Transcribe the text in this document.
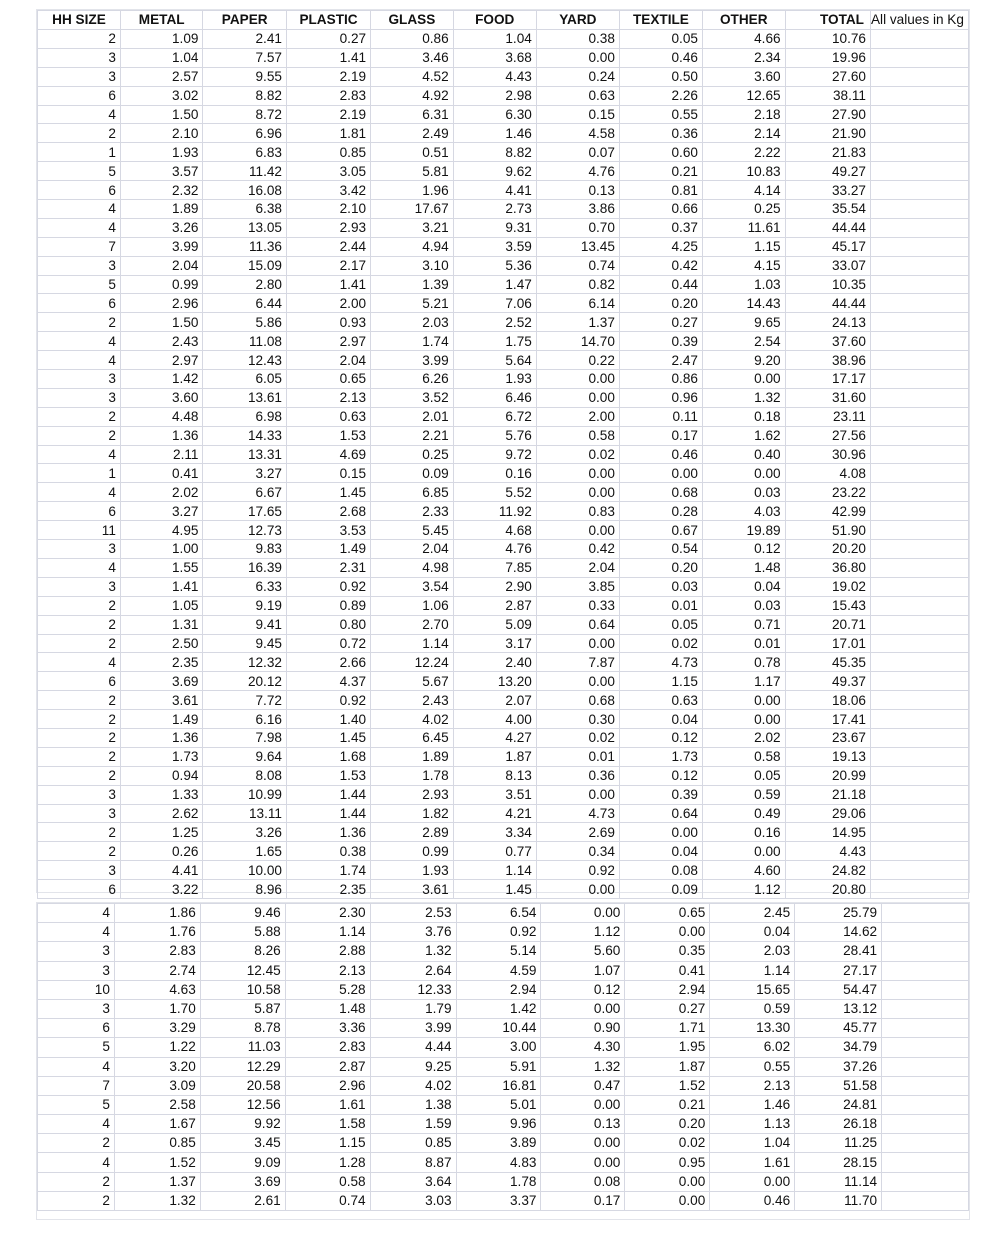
HH SIZE	METAL	PAPER	PLASTIC	GLASS	FOOD	YARD	TEXTILE	OTHER	TOTAL	All values in Kg
2	1.09	2.41	0.27	0.86	1.04	0.38	0.05	4.66	10.76	
3	1.04	7.57	1.41	3.46	3.68	0.00	0.46	2.34	19.96	
3	2.57	9.55	2.19	4.52	4.43	0.24	0.50	3.60	27.60	
6	3.02	8.82	2.83	4.92	2.98	0.63	2.26	12.65	38.11	
4	1.50	8.72	2.19	6.31	6.30	0.15	0.55	2.18	27.90	
2	2.10	6.96	1.81	2.49	1.46	4.58	0.36	2.14	21.90	
1	1.93	6.83	0.85	0.51	8.82	0.07	0.60	2.22	21.83	
5	3.57	11.42	3.05	5.81	9.62	4.76	0.21	10.83	49.27	
6	2.32	16.08	3.42	1.96	4.41	0.13	0.81	4.14	33.27	
4	1.89	6.38	2.10	17.67	2.73	3.86	0.66	0.25	35.54	
4	3.26	13.05	2.93	3.21	9.31	0.70	0.37	11.61	44.44	
7	3.99	11.36	2.44	4.94	3.59	13.45	4.25	1.15	45.17	
3	2.04	15.09	2.17	3.10	5.36	0.74	0.42	4.15	33.07	
5	0.99	2.80	1.41	1.39	1.47	0.82	0.44	1.03	10.35	
6	2.96	6.44	2.00	5.21	7.06	6.14	0.20	14.43	44.44	
2	1.50	5.86	0.93	2.03	2.52	1.37	0.27	9.65	24.13	
4	2.43	11.08	2.97	1.74	1.75	14.70	0.39	2.54	37.60	
4	2.97	12.43	2.04	3.99	5.64	0.22	2.47	9.20	38.96	
3	1.42	6.05	0.65	6.26	1.93	0.00	0.86	0.00	17.17	
3	3.60	13.61	2.13	3.52	6.46	0.00	0.96	1.32	31.60	
2	4.48	6.98	0.63	2.01	6.72	2.00	0.11	0.18	23.11	
2	1.36	14.33	1.53	2.21	5.76	0.58	0.17	1.62	27.56	
4	2.11	13.31	4.69	0.25	9.72	0.02	0.46	0.40	30.96	
1	0.41	3.27	0.15	0.09	0.16	0.00	0.00	0.00	4.08	
4	2.02	6.67	1.45	6.85	5.52	0.00	0.68	0.03	23.22	
6	3.27	17.65	2.68	2.33	11.92	0.83	0.28	4.03	42.99	
11	4.95	12.73	3.53	5.45	4.68	0.00	0.67	19.89	51.90	
3	1.00	9.83	1.49	2.04	4.76	0.42	0.54	0.12	20.20	
4	1.55	16.39	2.31	4.98	7.85	2.04	0.20	1.48	36.80	
3	1.41	6.33	0.92	3.54	2.90	3.85	0.03	0.04	19.02	
2	1.05	9.19	0.89	1.06	2.87	0.33	0.01	0.03	15.43	
2	1.31	9.41	0.80	2.70	5.09	0.64	0.05	0.71	20.71	
2	2.50	9.45	0.72	1.14	3.17	0.00	0.02	0.01	17.01	
4	2.35	12.32	2.66	12.24	2.40	7.87	4.73	0.78	45.35	
6	3.69	20.12	4.37	5.67	13.20	0.00	1.15	1.17	49.37	
2	3.61	7.72	0.92	2.43	2.07	0.68	0.63	0.00	18.06	
2	1.49	6.16	1.40	4.02	4.00	0.30	0.04	0.00	17.41	
2	1.36	7.98	1.45	6.45	4.27	0.02	0.12	2.02	23.67	
2	1.73	9.64	1.68	1.89	1.87	0.01	1.73	0.58	19.13	
2	0.94	8.08	1.53	1.78	8.13	0.36	0.12	0.05	20.99	
3	1.33	10.99	1.44	2.93	3.51	0.00	0.39	0.59	21.18	
3	2.62	13.11	1.44	1.82	4.21	4.73	0.64	0.49	29.06	
2	1.25	3.26	1.36	2.89	3.34	2.69	0.00	0.16	14.95	
2	0.26	1.65	0.38	0.99	0.77	0.34	0.04	0.00	4.43	
3	4.41	10.00	1.74	1.93	1.14	0.92	0.08	4.60	24.82	
6	3.22	8.96	2.35	3.61	1.45	0.00	0.09	1.12	20.80	
4	1.86	9.46	2.30	2.53	6.54	0.00	0.65	2.45	25.79	
4	1.76	5.88	1.14	3.76	0.92	1.12	0.00	0.04	14.62	
3	2.83	8.26	2.88	1.32	5.14	5.60	0.35	2.03	28.41	
3	2.74	12.45	2.13	2.64	4.59	1.07	0.41	1.14	27.17	
10	4.63	10.58	5.28	12.33	2.94	0.12	2.94	15.65	54.47	
3	1.70	5.87	1.48	1.79	1.42	0.00	0.27	0.59	13.12	
6	3.29	8.78	3.36	3.99	10.44	0.90	1.71	13.30	45.77	
5	1.22	11.03	2.83	4.44	3.00	4.30	1.95	6.02	34.79	
4	3.20	12.29	2.87	9.25	5.91	1.32	1.87	0.55	37.26	
7	3.09	20.58	2.96	4.02	16.81	0.47	1.52	2.13	51.58	
5	2.58	12.56	1.61	1.38	5.01	0.00	0.21	1.46	24.81	
4	1.67	9.92	1.58	1.59	9.96	0.13	0.20	1.13	26.18	
2	0.85	3.45	1.15	0.85	3.89	0.00	0.02	1.04	11.25	
4	1.52	9.09	1.28	8.87	4.83	0.00	0.95	1.61	28.15	
2	1.37	3.69	0.58	3.64	1.78	0.08	0.00	0.00	11.14	
2	1.32	2.61	0.74	3.03	3.37	0.17	0.00	0.46	11.70	
